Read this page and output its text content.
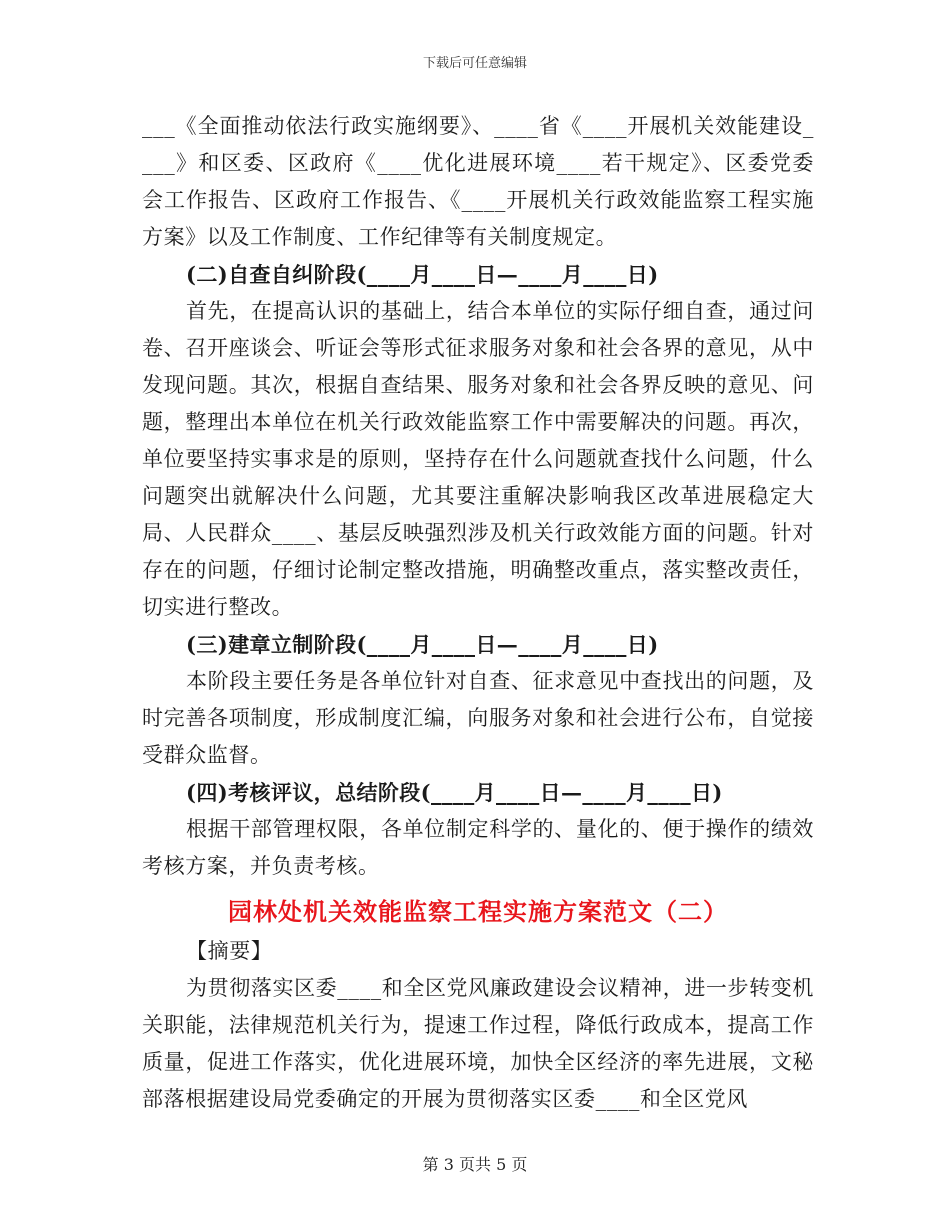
下载后可任意编辑

___《全面推动依法行政实施纲要》、____省《____开展机关效能建设____》和区委、区政府《____优化进展环境____若干规定》、区委党委会工作报告、区政府工作报告、《____开展机关行政效能监察工程实施方案》以及工作制度、工作纪律等有关制度规定。

(二)自查自纠阶段(____月____日—____月____日)

首先，在提高认识的基础上，结合本单位的实际仔细自查，通过问卷、召开座谈会、听证会等形式征求服务对象和社会各界的意见，从中发现问题。其次，根据自查结果、服务对象和社会各界反映的意见、问题，整理出本单位在机关行政效能监察工作中需要解决的问题。再次，单位要坚持实事求是的原则，坚持存在什么问题就查找什么问题，什么问题突出就解决什么问题，尤其要注重解决影响我区改革进展稳定大局、人民群众____、基层反映强烈涉及机关行政效能方面的问题。针对存在的问题，仔细讨论制定整改措施，明确整改重点，落实整改责任，切实进行整改。

(三)建章立制阶段(____月____日—____月____日)

本阶段主要任务是各单位针对自查、征求意见中查找出的问题，及时完善各项制度，形成制度汇编，向服务对象和社会进行公布，自觉接受群众监督。

(四)考核评议，总结阶段(____月____日—____月____日)

根据干部管理权限，各单位制定科学的、量化的、便于操作的绩效考核方案，并负责考核。

园林处机关效能监察工程实施方案范文（二）

【摘要】

为贯彻落实区委____和全区党风廉政建设会议精神，进一步转变机关职能，法律规范机关行为，提速工作过程，降低行政成本，提高工作质量，促进工作落实，优化进展环境，加快全区经济的率先进展，文秘部落根据建设局党委确定的开展为贯彻落实区委____和全区党风

第 3 页共 5 页
